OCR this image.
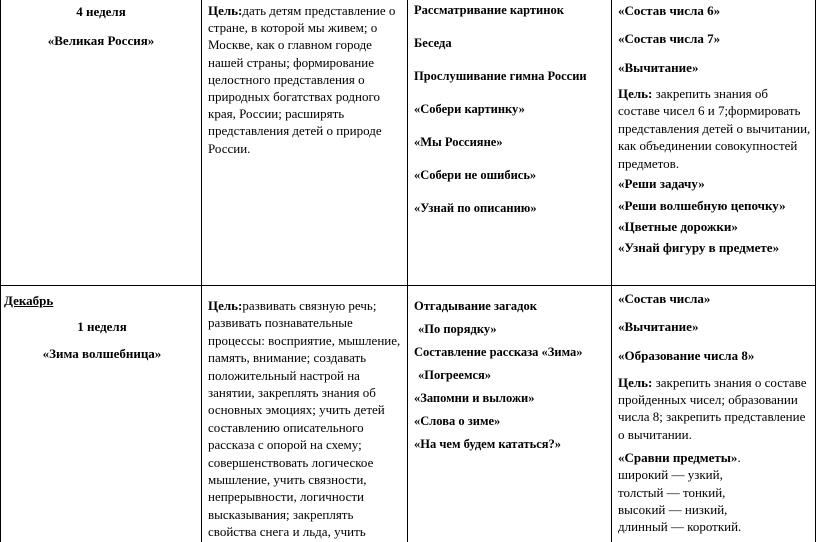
4 неделя

«Великая Россия»

Цель:дать детям представление о стране, в которой мы живем; о Москве, как о главном городе нашей страны; формирование целостного представления о природных богатствах родного края, России; расширять представления детей о природе России.

Рассматривание картинок

Беседа

Прослушивание гимна России

«Собери картинку»

«Мы Россияне»

«Собери не ошибись»

«Узнай по описанию»

«Состав числа 6»

«Состав числа 7»

«Вычитание»

Цель: закрепить знания об составе чисел 6 и 7;формировать представления детей о вычитании, как объединении совокупностей предметов.

«Реши задачу»

«Реши волшебную цепочку»

«Цветные дорожки»

«Узнай фигуру в предмете»

Декабрь

1 неделя

«Зима волшебница»

Цель:развивать связную речь; развивать познавательные процессы: восприятие, мышление, память, внимание; создавать положительный настрой на занятии, закреплять знания об основных эмоциях; учить детей составлению описательного рассказа с опорой на схему; совершенствовать логическое мышление, учить связности, непрерывности, логичности высказывания; закреплять свойства снега и льда, учить

Отгадывание загадок

«По порядку»

Составление рассказа «Зима»

«Погреемся»

«Запомни и выложи»

«Слова о зиме»

«На чем будем кататься?»

«Состав числа»

«Вычитание»

«Образование числа 8»

Цель: закрепить знания о составе пройденных чисел; образовании числа 8; закрепить представление о вычитании.

«Сравни предметы».

широкий — узкий,

толстый — тонкий,

высокий — низкий,

длинный — короткий.
